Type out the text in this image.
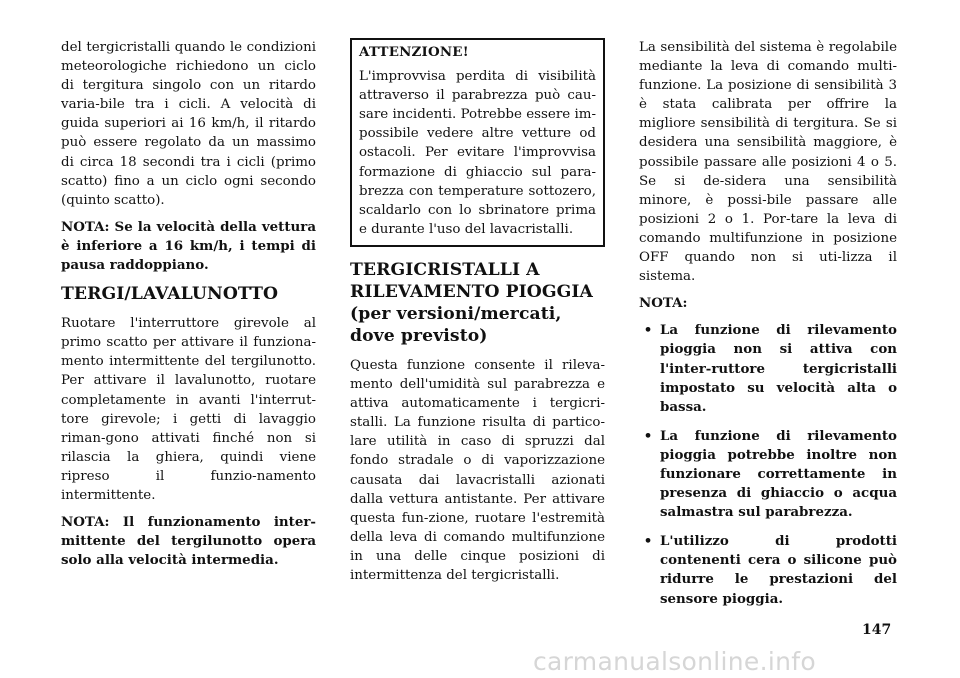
del tergicristalli quando le condizioni meteorologiche richiedono un ciclo di tergitura singolo con un ritardo varia-bile tra i cicli. A velocità di guida superiori ai 16 km/h, il ritardo può essere regolato da un massimo di circa 18 secondi tra i cicli (primo scatto) fino a un ciclo ogni secondo (quinto scatto).

NOTA: Se la velocità della vettura è inferiore a 16 km/h, i tempi di pausa raddoppiano.

TERGI/LAVALUNOTTO

Ruotare l'interruttore girevole al primo scatto per attivare il funziona-mento intermittente del tergilunotto. Per attivare il lavalunotto, ruotare completamente in avanti l'interrut-tore girevole; i getti di lavaggio riman-gono attivati finché non si rilascia la ghiera, quindi viene ripreso il funzio-namento intermittente.

NOTA: Il funzionamento inter-mittente del tergilunotto opera solo alla velocità intermedia.

ATTENZIONE!
L'improvvisa perdita di visibilità attraverso il parabrezza può cau-sare incidenti. Potrebbe essere im-possibile vedere altre vetture od ostacoli. Per evitare l'improvvisa formazione di ghiaccio sul para-brezza con temperature sottozero, scaldarlo con lo sbrinatore prima e durante l'uso del lavacristalli.
TERGICRISTALLI A RILEVAMENTO PIOGGIA (per versioni/mercati, dove previsto)

Questa funzione consente il rileva-mento dell'umidità sul parabrezza e attiva automaticamente i tergicri-stalli. La funzione risulta di partico-lare utilità in caso di spruzzi dal fondo stradale o di vaporizzazione causata dai lavacristalli azionati dalla vettura antistante. Per attivare questa fun-zione, ruotare l'estremità della leva di comando multifunzione in una delle cinque posizioni di intermittenza del tergicristalli.

La sensibilità del sistema è regolabile mediante la leva di comando multi-funzione. La posizione di sensibilità 3 è stata calibrata per offrire la migliore sensibilità di tergitura. Se si desidera una sensibilità maggiore, è possibile passare alle posizioni 4 o 5. Se si de-sidera una sensibilità minore, è possi-bile passare alle posizioni 2 o 1. Por-tare la leva di comando multifunzione in posizione OFF quando non si uti-lizza il sistema.

NOTA:

• La funzione di rilevamento pioggia non si attiva con l'inter-ruttore tergicristalli impostato su velocità alta o bassa.
• La funzione di rilevamento pioggia potrebbe inoltre non funzionare correttamente in presenza di ghiaccio o acqua salmastra sul parabrezza.
• L'utilizzo di prodotti contenenti cera o silicone può ridurre le prestazioni del sensore pioggia.
147
carmanualsonline.info
